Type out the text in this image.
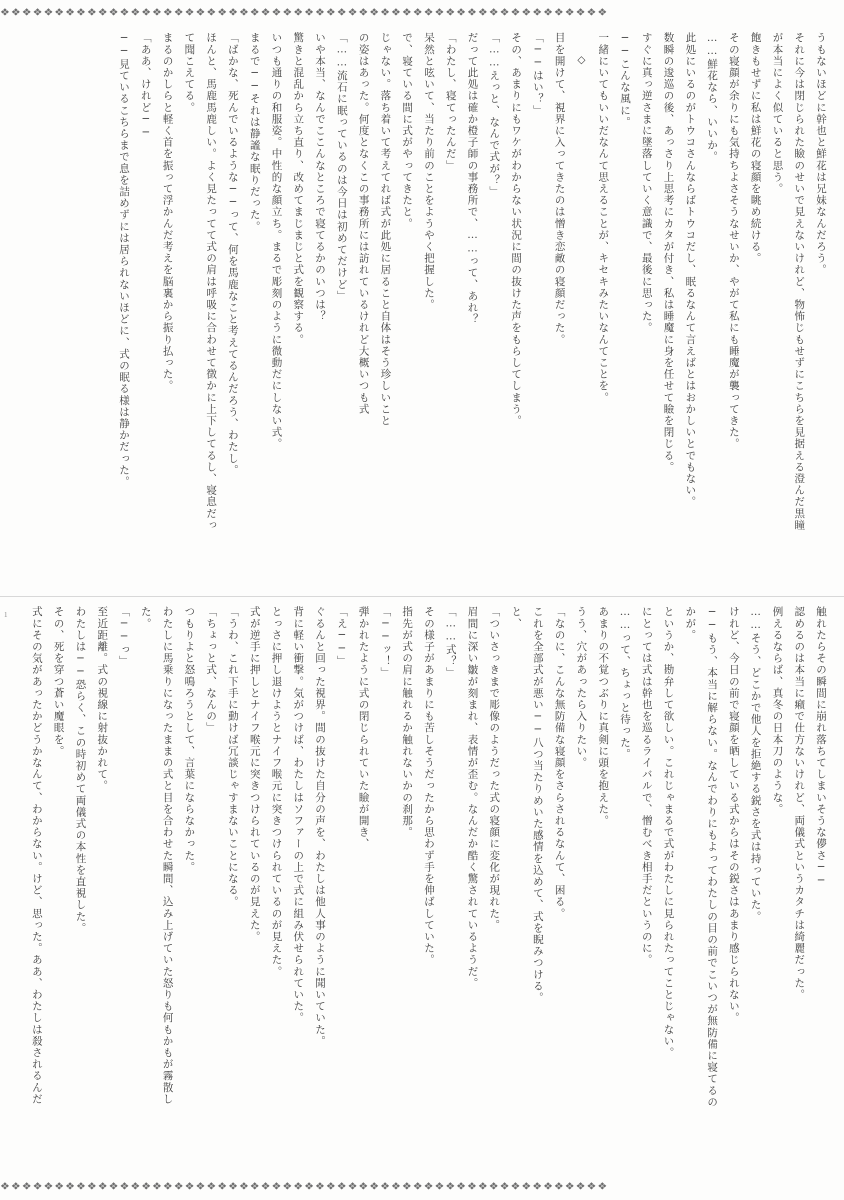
❖❖❖❖❖❖❖❖❖❖❖❖❖❖❖❖❖❖❖❖❖❖❖❖❖❖❖❖❖❖❖❖❖❖❖❖❖❖❖❖❖❖❖❖❖❖❖❖❖❖❖❖❖❖❖❖
うもないほどに幹也と鮮花は兄妹なんだろう。
それに今は閉じられた瞼のせいで見えないけれど、物怖じもせずにこちらを見据える澄んだ黒瞳
が本当によく似ていると思う。
飽きもせずに私は鮮花の寝顔を眺め続ける。
その寝顔が余りにも気持ちよさそうなせいか、やがて私にも睡魔が襲ってきた。
……鮮花なら、いいか。
此処にいるのがトウコさんならばトウコだし、眠るなんて言えばとはおかしいとでもない。
数瞬の逡巡の後、あっさり上思考にカタが付き、私は睡魔に身を任せて瞼を閉じる。
すぐに真っ逆さまに墜落していく意識で、最後に思った。
──こんな風に。
一緒にいてもいいだなんて思えることが、キセキみたいなんてことを。
◇
目を開けて、視界に入ってきたのは憎き恋敵の寝顔だった。
「──はい？」
その、あまりにもワケがわからない状況に間の抜けた声をもらしてしまう。
「……えっと、なんで式が？」
だって此処は確か橙子師の事務所で、……って、あれ？
「わたし、寝てったんだ」
呆然と呟いて、当たり前のことをようやく把握した。
で、寝ている間に式がやってきたと。
じゃない。落ち着いて考えてれば式が此処に居ること自体はそう珍しいこと
の姿はあった。何度となくこの事務所には訪れているけれど大概いつも式
「……流石に眠っているのは今日は初めてだけど」
いや本当、なんでここんなところで寝てるかのいつは？
驚きと混乱から立ち直り、改めてまじまじと式を観察する。
いつも通りの和服姿。中性的な顔立ち。まるで彫刻のように微動だにしない式。
まるで──それは静謐な眠りだった。
「ばかな、死んでいるような──って、何を馬鹿なこと考えてるんだろう、わたし。
ほんと、馬鹿馬鹿しい。よく見たってて式の肩は呼吸に合わせて徴かに上下してるし、寝息だっ
て聞こえてる。
まるのかしらと軽く首を振って浮かんだ考えを脳裏から振り払った。
「ああ、けれど──
──見ているこちらまで息を詰めずには居られないほどに、式の眠る様は静かだった。
触れたらその瞬間に崩れ落ちてしまいそうな儚さ──
認めるのは本当に癪で仕方ないけれど、両儀式というカタチは綺麗だった。
例えるならば、真冬の日本刀のような。
……そう、どこかで他人を拒絶する鋭さを式は持っていた。
けれど、今日の前で寝顔を晒している式からはその鋭さはあまり感じられない。
──もう、本当に解らない。なんでわりにもよってわたしの目の前でこいつが無防備に寝てるの
かが。
というか、勘弁して欲しい。これじゃまるで式がわたしに見られたってことじゃない。
にとっては式は幹也を巡るライバルで、憎むべき相手だというのに。
……って、ちょっと待った。
あまりの不覚つぶりに真剣に頭を抱えた。
うう、穴があったら入りたい。
「なのに、こんな無防備な寝顔をさらされるなんて、困る。
これを全部式が悪い──八つ当たりめいた感情を込めて、式を睨みつける。
と、
「ついさっきまで彫像のようだった式の寝顔に変化が現れた。
眉間に深い皺が刻まれ、表情が歪む。なんだか酷く驚されているようだ。
「……式？」
その様子があまりにも苦しそうだったから思わず手を伸ばしていた。
指先が式の肩に触れるか触れないかの刹那。
「──ッ！」
弾かれたように式の閉じられていた瞼が開き、
「え──」
ぐるんと回った視界。間の抜けた自分の声を、わたしは他人事のように聞いていた。
背に軽い衝撃。気がつけば、わたしはソファーの上で式に組み伏せられていた。
とっさに押し退けようとナイフ喉元に突きつけられているのが見えた。
式が逆手に押しとナイフ喉元に突きつけられているのが見えた。
「うわ、これ下手に動けば冗談じゃすまないことになる。
「ちょっと式、なんの」
つもりよと怒鳴ろうとして、言葉にならなかった。
わたしに馬乗りになったままの式と目を合わせた瞬間、込み上げていた怒りも何もかもが霧散し
た。
「──っ」
至近距離。式の視線に射抜かれて。
わたしは──恐らく、この時初めて両儀式の本性を直視した。
その、死を穿つ蒼い魔眼を。
式にその気があったかどうかなんて、わからない。けど、思った。ああ、わたしは殺されるんだ
1
❖❖❖❖❖❖❖❖❖❖❖❖❖❖❖❖❖❖❖❖❖❖❖❖❖❖❖❖❖❖❖❖❖❖❖❖❖❖❖❖❖❖❖❖❖❖❖❖❖❖❖❖❖❖❖❖
